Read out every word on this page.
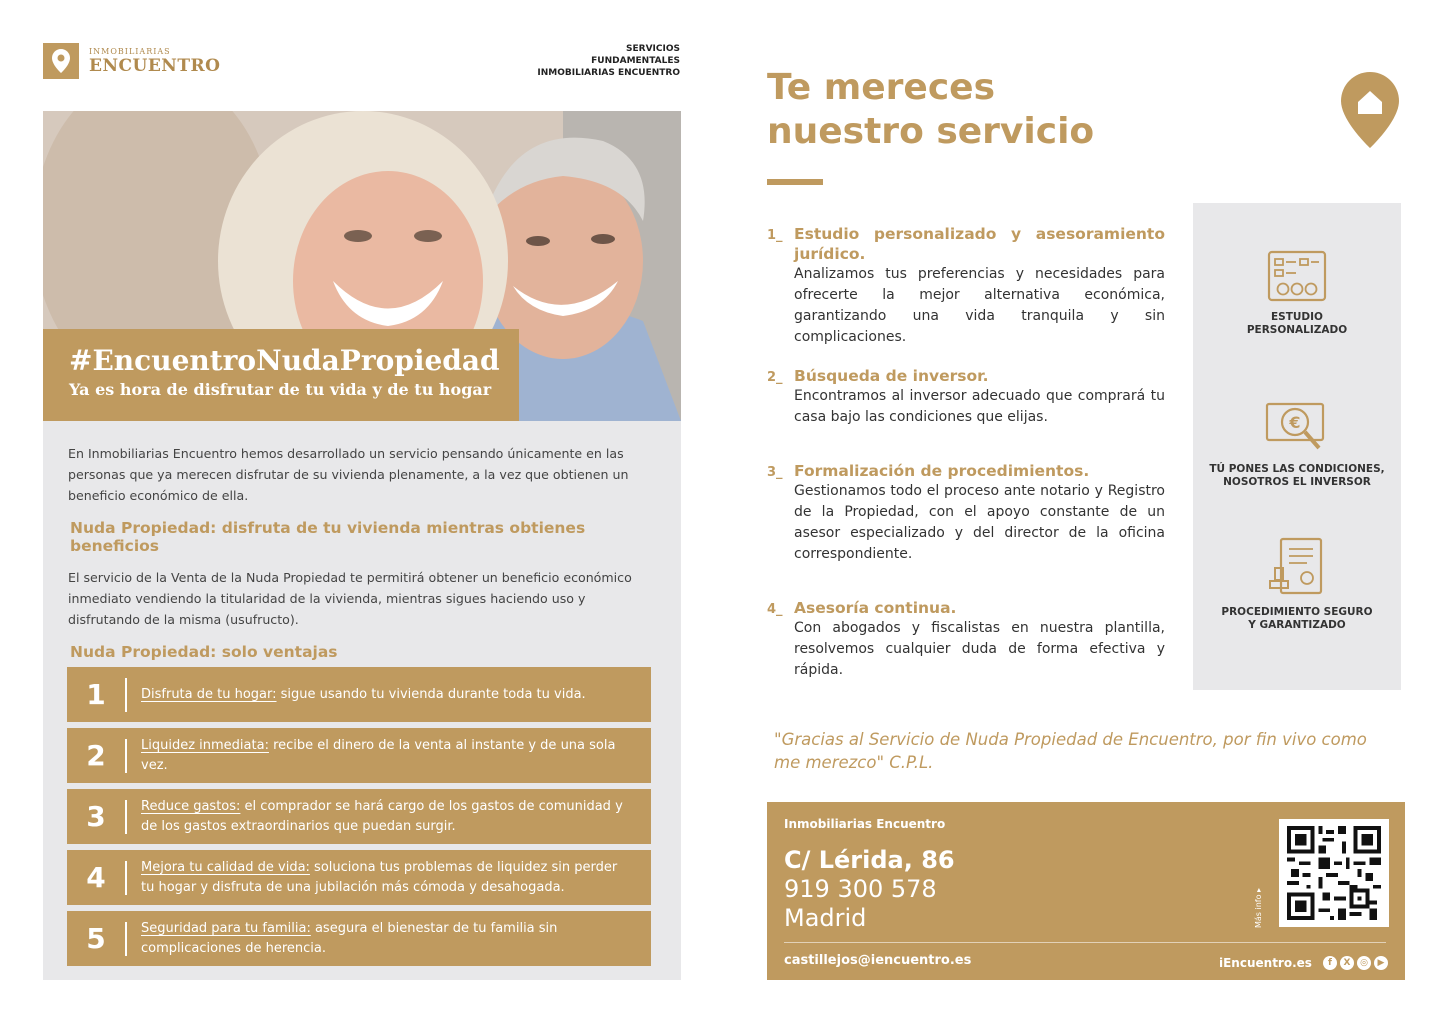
INMOBILIARIAS
ENCUENTRO
SERVICIOS
FUNDAMENTALES
INMOBILIARIAS ENCUENTRO
#EncuentroNudaPropiedad
Ya es hora de disfrutar de tu vida y de tu hogar

En Inmobiliarias Encuentro hemos desarrollado un servicio pensando únicamente en las personas que ya merecen disfrutar de su vivienda plenamente, a la vez que obtienen un beneficio económico de ella.

Nuda Propiedad: disfruta de tu vivienda mientras obtienes beneficios

El servicio de la Venta de la Nuda Propiedad te permitirá obtener un beneficio económico inmediato vendiendo la titularidad de la vivienda, mientras sigues haciendo uso y disfrutando de la misma (usufructo).

Nuda Propiedad: solo ventajas
1	Disfruta de tu hogar: sigue usando tu vivienda durante toda tu vida.
2	Liquidez inmediata: recibe el dinero de la venta al instante y de una sola vez.
3	Reduce gastos: el comprador se hará cargo de los gastos de comunidad y de los gastos extraordinarios que puedan surgir.
4	Mejora tu calidad de vida: soluciona tus problemas de liquidez sin perder tu hogar y disfruta de una jubilación más cómoda y desahogada.
5	Seguridad para tu familia: asegura el bienestar de tu familia sin complicaciones de herencia.
Te mereces
nuestro servicio
1_ Estudio personalizado y asesoramiento jurídico.
Analizamos tus preferencias y necesidades para ofrecerte la mejor alternativa económica, garantizando una vida tranquila y sin complicaciones.
2_ Búsqueda de inversor.
Encontramos al inversor adecuado que comprará tu casa bajo las condiciones que elijas.
3_ Formalización de procedimientos.
Gestionamos todo el proceso ante notario y Registro de la Propiedad, con el apoyo constante de un asesor especializado y del director de la oficina correspondiente.
4_ Asesoría continua.
Con abogados y fiscalistas en nuestra plantilla, resolvemos cualquier duda de forma efectiva y rápida.
ESTUDIO
PERSONALIZADO
€
TÚ PONES LAS CONDICIONES,
NOSOTROS EL INVERSOR
PROCEDIMIENTO SEGURO
Y GARANTIZADO
"Gracias al Servicio de Nuda Propiedad de Encuentro, por fin vivo como me merezco" C.P.L.
Inmobiliarias Encuentro
C/ Lérida, 86
919 300 578
Madrid
castillejos@iencuentro.es	iEncuentro.es	f	X	◎	▶
Más info ▸
